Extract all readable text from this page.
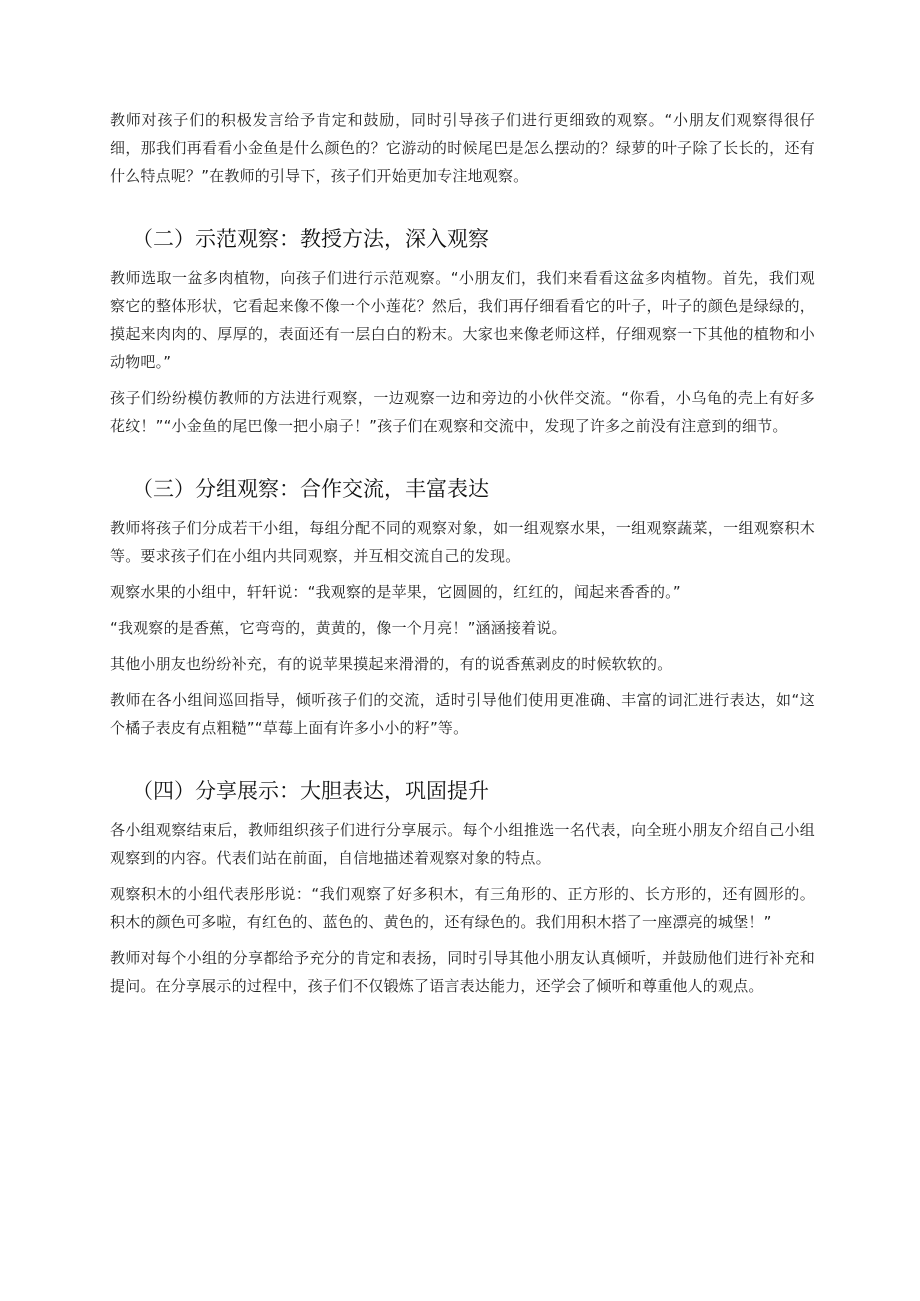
教师对孩子们的积极发言给予肯定和鼓励，同时引导孩子们进行更细致的观察。“小朋友们观察得很仔细，那我们再看看小金鱼是什么颜色的？它游动的时候尾巴是怎么摆动的？绿萝的叶子除了长长的，还有什么特点呢？”在教师的引导下，孩子们开始更加专注地观察。

（二）示范观察：教授方法，深入观察

教师选取一盆多肉植物，向孩子们进行示范观察。“小朋友们，我们来看看这盆多肉植物。首先，我们观察它的整体形状，它看起来像不像一个小莲花？然后，我们再仔细看看它的叶子，叶子的颜色是绿绿的，摸起来肉肉的、厚厚的，表面还有一层白白的粉末。大家也来像老师这样，仔细观察一下其他的植物和小动物吧。”

孩子们纷纷模仿教师的方法进行观察，一边观察一边和旁边的小伙伴交流。“你看，小乌龟的壳上有好多花纹！”“小金鱼的尾巴像一把小扇子！”孩子们在观察和交流中，发现了许多之前没有注意到的细节。

（三）分组观察：合作交流，丰富表达

教师将孩子们分成若干小组，每组分配不同的观察对象，如一组观察水果，一组观察蔬菜，一组观察积木等。要求孩子们在小组内共同观察，并互相交流自己的发现。

观察水果的小组中，轩轩说：“我观察的是苹果，它圆圆的，红红的，闻起来香香的。”

“我观察的是香蕉，它弯弯的，黄黄的，像一个月亮！”涵涵接着说。

其他小朋友也纷纷补充，有的说苹果摸起来滑滑的，有的说香蕉剥皮的时候软软的。

教师在各小组间巡回指导，倾听孩子们的交流，适时引导他们使用更准确、丰富的词汇进行表达，如“这个橘子表皮有点粗糙”“草莓上面有许多小小的籽”等。

（四）分享展示：大胆表达，巩固提升

各小组观察结束后，教师组织孩子们进行分享展示。每个小组推选一名代表，向全班小朋友介绍自己小组观察到的内容。代表们站在前面，自信地描述着观察对象的特点。

观察积木的小组代表彤彤说：“我们观察了好多积木，有三角形的、正方形的、长方形的，还有圆形的。积木的颜色可多啦，有红色的、蓝色的、黄色的，还有绿色的。我们用积木搭了一座漂亮的城堡！”

教师对每个小组的分享都给予充分的肯定和表扬，同时引导其他小朋友认真倾听，并鼓励他们进行补充和提问。在分享展示的过程中，孩子们不仅锻炼了语言表达能力，还学会了倾听和尊重他人的观点。
